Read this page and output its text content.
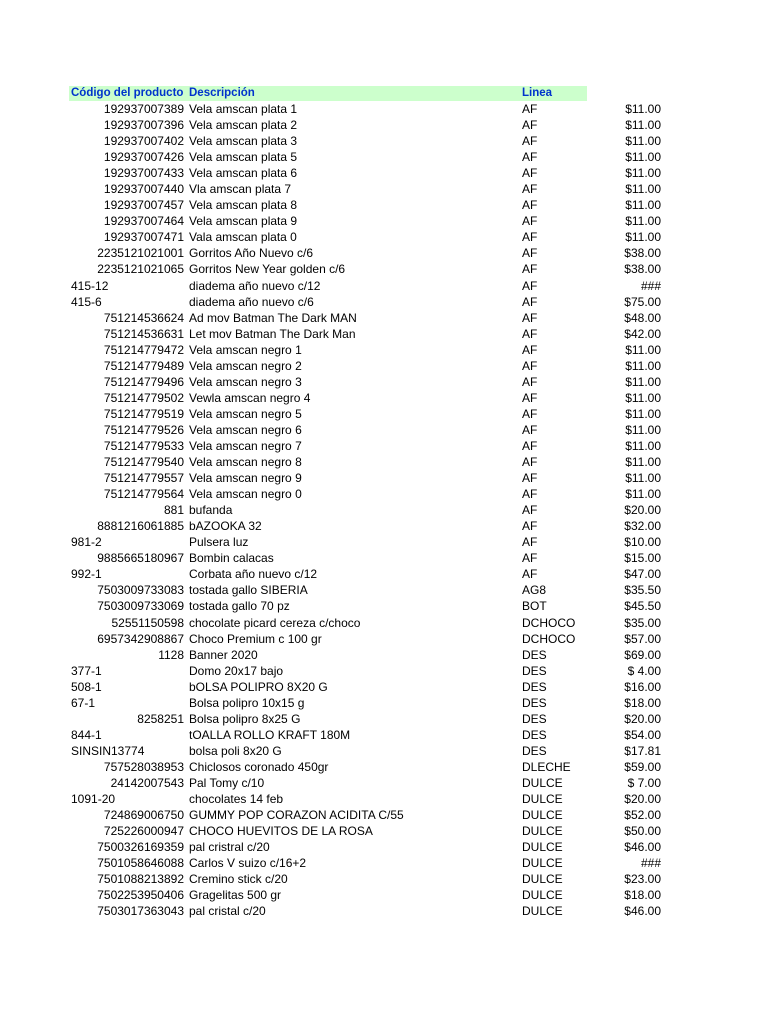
Código del producto Descripción	Linea
192937007389 Vela amscan plata 1	AF	$11.00
192937007396 Vela amscan plata 2	AF	$11.00
192937007402 Vela amscan plata 3	AF	$11.00
192937007426 Vela amscan plata 5	AF	$11.00
192937007433 Vela amscan plata 6	AF	$11.00
192937007440 Vla amscan plata 7	AF	$11.00
192937007457 Vela amscan plata 8	AF	$11.00
192937007464 Vela amscan plata 9	AF	$11.00
192937007471 Vala amscan plata 0	AF	$11.00
2235121021001 Gorritos Año Nuevo c/6	AF	$38.00
2235121021065 Gorritos New Year golden c/6	AF	$38.00
415-12	diadema año nuevo c/12	AF	###
415-6	diadema año nuevo c/6	AF	$75.00
751214536624 Ad mov Batman The Dark MAN	AF	$48.00
751214536631 Let mov Batman The Dark Man	AF	$42.00
751214779472 Vela amscan negro 1	AF	$11.00
751214779489 Vela amscan negro 2	AF	$11.00
751214779496 Vela amscan negro 3	AF	$11.00
751214779502 Vewla amscan negro 4	AF	$11.00
751214779519 Vela amscan negro 5	AF	$11.00
751214779526 Vela amscan negro 6	AF	$11.00
751214779533 Vela amscan negro 7	AF	$11.00
751214779540 Vela amscan negro 8	AF	$11.00
751214779557 Vela amscan negro 9	AF	$11.00
751214779564 Vela amscan negro 0	AF	$11.00
881 bufanda	AF	$20.00
8881216061885 bAZOOKA 32	AF	$32.00
981-2	Pulsera luz	AF	$10.00
9885665180967 Bombin calacas	AF	$15.00
992-1	Corbata año nuevo c/12	AF	$47.00
7503009733083 tostada gallo SIBERIA	AG8	$35.50
7503009733069 tostada gallo 70 pz	BOT	$45.50
52551150598 chocolate picard cereza c/choco	DCHOCO	$35.00
6957342908867 Choco Premium c 100 gr	DCHOCO	$57.00
1128 Banner 2020	DES	$69.00
377-1	Domo 20x17 bajo	DES	$ 4.00
508-1	bOLSA POLIPRO 8X20 G	DES	$16.00
67-1	Bolsa polipro 10x15 g	DES	$18.00
8258251 Bolsa polipro 8x25 G	DES	$20.00
844-1	tOALLA ROLLO KRAFT 180M	DES	$54.00
SINSIN13774	bolsa poli 8x20 G	DES	$17.81
757528038953 Chiclosos coronado 450gr	DLECHE	$59.00
24142007543 Pal Tomy c/10	DULCE	$ 7.00
1091-20	chocolates 14 feb	DULCE	$20.00
724869006750 GUMMY POP CORAZON ACIDITA C/55	DULCE	$52.00
725226000947 CHOCO HUEVITOS DE LA ROSA	DULCE	$50.00
7500326169359 pal cristral c/20	DULCE	$46.00
7501058646088 Carlos V suizo c/16+2	DULCE	###
7501088213892 Cremino stick c/20	DULCE	$23.00
7502253950406 Gragelitas 500 gr	DULCE	$18.00
7503017363043 pal cristal c/20	DULCE	$46.00
